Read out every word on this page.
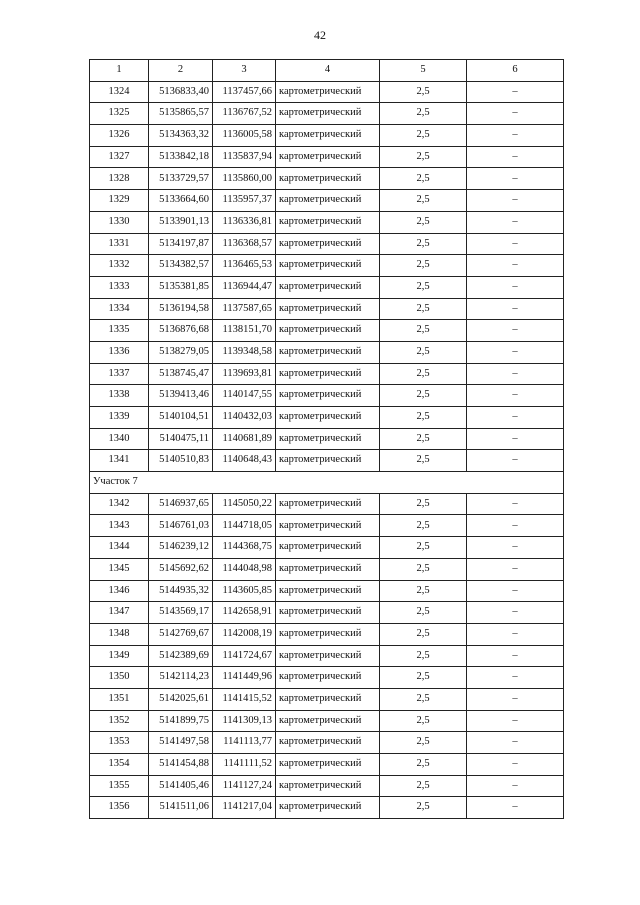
42
1	2	3	4	5	6
1324	5136833,40	1137457,66	картометрический	2,5	–
1325	5135865,57	1136767,52	картометрический	2,5	–
1326	5134363,32	1136005,58	картометрический	2,5	–
1327	5133842,18	1135837,94	картометрический	2,5	–
1328	5133729,57	1135860,00	картометрический	2,5	–
1329	5133664,60	1135957,37	картометрический	2,5	–
1330	5133901,13	1136336,81	картометрический	2,5	–
1331	5134197,87	1136368,57	картометрический	2,5	–
1332	5134382,57	1136465,53	картометрический	2,5	–
1333	5135381,85	1136944,47	картометрический	2,5	–
1334	5136194,58	1137587,65	картометрический	2,5	–
1335	5136876,68	1138151,70	картометрический	2,5	–
1336	5138279,05	1139348,58	картометрический	2,5	–
1337	5138745,47	1139693,81	картометрический	2,5	–
1338	5139413,46	1140147,55	картометрический	2,5	–
1339	5140104,51	1140432,03	картометрический	2,5	–
1340	5140475,11	1140681,89	картометрический	2,5	–
1341	5140510,83	1140648,43	картометрический	2,5	–
Участок 7					
1342	5146937,65	1145050,22	картометрический	2,5	–
1343	5146761,03	1144718,05	картометрический	2,5	–
1344	5146239,12	1144368,75	картометрический	2,5	–
1345	5145692,62	1144048,98	картометрический	2,5	–
1346	5144935,32	1143605,85	картометрический	2,5	–
1347	5143569,17	1142658,91	картометрический	2,5	–
1348	5142769,67	1142008,19	картометрический	2,5	–
1349	5142389,69	1141724,67	картометрический	2,5	–
1350	5142114,23	1141449,96	картометрический	2,5	–
1351	5142025,61	1141415,52	картометрический	2,5	–
1352	5141899,75	1141309,13	картометрический	2,5	–
1353	5141497,58	1141113,77	картометрический	2,5	–
1354	5141454,88	1141111,52	картометрический	2,5	–
1355	5141405,46	1141127,24	картометрический	2,5	–
1356	5141511,06	1141217,04	картометрический	2,5	–
